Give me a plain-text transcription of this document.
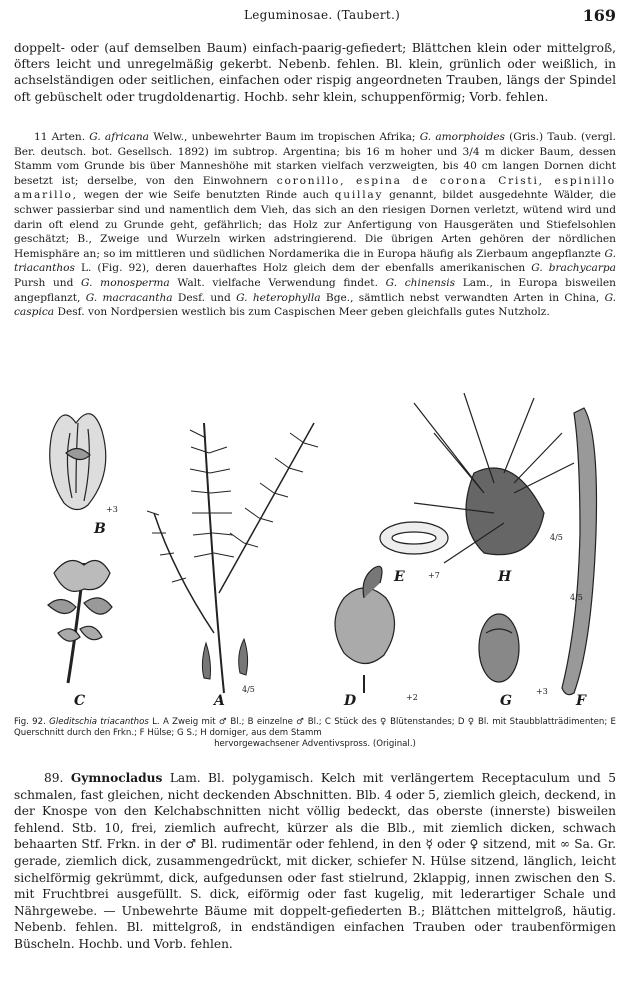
Leguminosae. (Taubert.)	169

doppelt- oder (auf demselben Baum) einfach-paarig-gefiedert; Blättchen klein oder mittelgroß, öfters leicht und unregelmäßig gekerbt. Nebenb. fehlen. Bl. klein, grünlich oder weißlich, in achselständigen oder seitlichen, einfachen oder rispig angeordneten Trauben, längs der Spindel oft gebüschelt oder trugdoldenartig. Hochb. sehr klein, schuppenförmig; Vorb. fehlen.

11 Arten. G. africana Welw., unbewehrter Baum im tropischen Afrika; G. amorphoides (Gris.) Taub. (vergl. Ber. deutsch. bot. Gesellsch. 1892) im subtrop. Argentina; bis 16 m hoher und 3/4 m dicker Baum, dessen Stamm vom Grunde bis über Manneshöhe mit starken vielfach verzweigten, bis 40 cm langen Dornen dicht besetzt ist; derselbe, von den Einwohnern coronillo, espina de corona Cristi, espinillo amarillo, wegen der wie Seife benutzten Rinde auch quillay genannt, bildet ausgedehnte Wälder, die schwer passierbar sind und namentlich dem Vieh, das sich an den riesigen Dornen verletzt, wütend wird und darin oft elend zu Grunde geht, gefährlich; das Holz zur Anfertigung von Hausgeräten und Stiefelsohlen geschätzt; B., Zweige und Wurzeln wirken adstringierend. Die übrigen Arten gehören der nördlichen Hemisphäre an; so im mittleren und südlichen Nordamerika die in Europa häufig als Zierbaum angepflanzte G. triacanthos L. (Fig. 92), deren dauerhaftes Holz gleich dem der ebenfalls amerikanischen G. brachycarpa Pursh und G. monosperma Walt. vielfache Verwendung findet. G. chinensis Lam., in Europa bisweilen angepflanzt, G. macracantha Desf. und G. heterophylla Bge., sämtlich nebst verwandten Arten in China, G. caspica Desf. von Nordpersien westlich bis zum Caspischen Meer geben gleichfalls gutes Nutzholz.

B
+3
C	A
4/5
D	+2
E	+7
G
+3
H
4/5
F
4/5
Fig. 92. Gleditschia triacanthos L. A Zweig mit ♂ Bl.; B einzelne ♂ Bl.; C Stück des ♀ Blütenstandes; D ♀ Bl. mit Staubblatträdimenten; E Querschnitt durch den Frkn.; F Hülse; G S.; H dorniger, aus dem Stamm
hervorgewachsener Adventivspross. (Original.)

89. Gymnocladus Lam. Bl. polygamisch. Kelch mit verlängertem Receptaculum und 5 schmalen, fast gleichen, nicht deckenden Abschnitten. Blb. 4 oder 5, ziemlich gleich, deckend, in der Knospe von den Kelchabschnitten nicht völlig bedeckt, das oberste (innerste) bisweilen fehlend. Stb. 10, frei, ziemlich aufrecht, kürzer als die Blb., mit ziemlich dicken, schwach behaarten Stf. Frkn. in der ♂ Bl. rudimentär oder fehlend, in den ☿ oder ♀ sitzend, mit ∞ Sa. Gr. gerade, ziemlich dick, zusammengedrückt, mit dicker, schiefer N. Hülse sitzend, länglich, leicht sichelförmig gekrümmt, dick, aufgedunsen oder fast stielrund, 2klappig, innen zwischen den S. mit Fruchtbrei ausgefüllt. S. dick, eiförmig oder fast kugelig, mit lederartiger Schale und Nährgewebe. — Unbewehrte Bäume mit doppelt-gefiederten B.; Blättchen mittelgroß, häutig. Nebenb. fehlen. Bl. mittelgroß, in endständigen einfachen Trauben oder traubenförmigen Büscheln. Hochb. und Vorb. fehlen.
